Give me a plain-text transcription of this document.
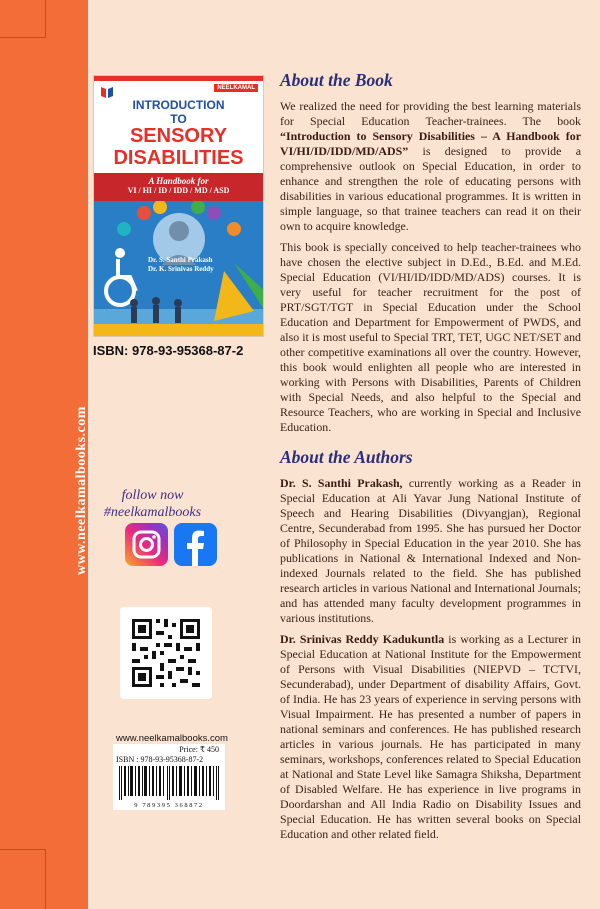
www.neelkamalbooks.com
NEELKAMAL
INTRODUCTION
TO
SENSORY
DISABILITIES
A Handbook for
VI / HI / ID / IDD / MD / ASD
Dr. S. Santhi Prakash
Dr. K. Srinivas Reddy
ISBN: 978-93-95368-87-2
follow now
#neelkamalbooks
www.neelkamalbooks.com
Price: ₹ 450
ISBN : 978-93-95368-87-2
9 789395 368872
About the Book

We realized the need for providing the best learning materials for Special Education Teacher-trainees. The book “Introduction to Sensory Disabilities – A Handbook for VI/HI/ID/IDD/MD/ADS” is designed to provide a comprehensive outlook on Special Education, in order to enhance and strengthen the role of educating persons with disabilities in various educational programmes. It is written in simple language, so that trainee teachers can read it on their own to acquire knowledge.

This book is specially conceived to help teacher-trainees who have chosen the elective subject in D.Ed., B.Ed. and M.Ed. Special Education (VI/HI/ID/IDD/MD/ADS) courses. It is very useful for teacher recruitment for the post of PRT/SGT/TGT in Special Education under the School Education and Department for Empowerment of PWDS, and also it is most useful to Special TRT, TET, UGC NET/SET and other competitive examinations all over the country. However, this book would enlighten all people who are interested in working with Persons with Disabilities, Parents of Children with Special Needs, and also helpful to the Special and Resource Teachers, who are working in Special and Inclusive Education.

About the Authors

Dr. S. Santhi Prakash, currently working as a Reader in Special Education at Ali Yavar Jung National Institute of Speech and Hearing Disabilities (Divyangjan), Regional Centre, Secunderabad from 1995. She has pursued her Doctor of Philosophy in Special Education in the year 2010. She has publications in National & International Indexed and Non-indexed Journals related to the field. She has published research articles in various National and International Journals; and has attended many faculty development programmes in various institutions.

Dr. Srinivas Reddy Kadukuntla is working as a Lecturer in Special Education at National Institute for the Empowerment of Persons with Visual Disabilities (NIEPVD – TCTVI, Secunderabad), under Department of disability Affairs, Govt. of India. He has 23 years of experience in serving persons with Visual Impairment. He has presented a number of papers in national seminars and conferences. He has published research articles in various journals. He has participated in many seminars, workshops, conferences related to Special Education at National and State Level like Samagra Shiksha, Department of Disabled Welfare. He has experience in live programs in Doordarshan and All India Radio on Disability Issues and Special Education. He has written several books on Special Education and other related field.
